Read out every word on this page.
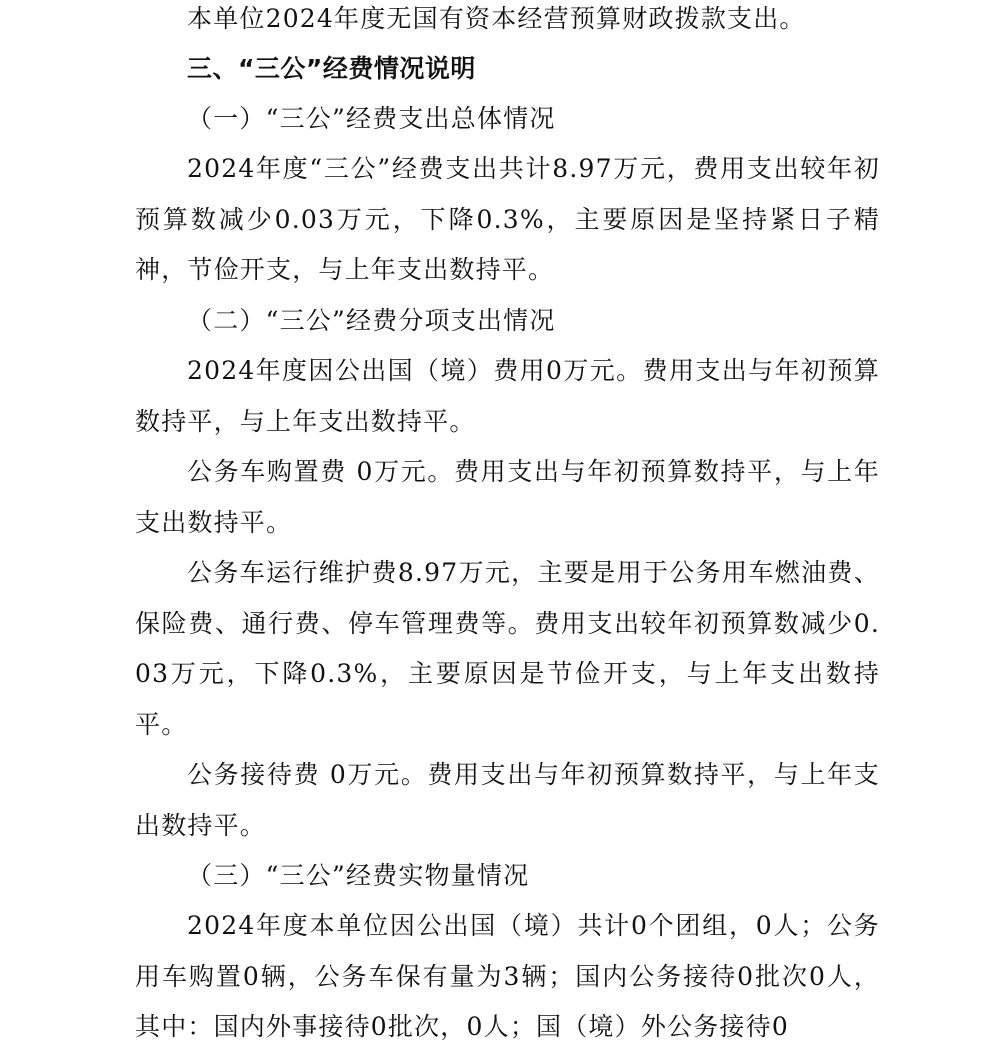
本单位2024年度无国有资本经营预算财政拨款支出。

三、“三公”经费情况说明

（一）“三公”经费支出总体情况

2024年度“三公”经费支出共计8.97万元，费用支出较年初预算数减少0.03万元，下降0.3%，主要原因是坚持紧日子精神，节俭开支，与上年支出数持平。

（二）“三公”经费分项支出情况

2024年度因公出国（境）费用0万元。费用支出与年初预算数持平，与上年支出数持平。

公务车购置费 0万元。费用支出与年初预算数持平，与上年支出数持平。

公务车运行维护费8.97万元，主要是用于公务用车燃油费、保险费、通行费、停车管理费等。费用支出较年初预算数减少0.03万元，下降0.3%，主要原因是节俭开支，与上年支出数持平。

公务接待费 0万元。费用支出与年初预算数持平，与上年支出数持平。

（三）“三公”经费实物量情况

2024年度本单位因公出国（境）共计0个团组，0人；公务用车购置0辆，公务车保有量为3辆；国内公务接待0批次0人，其中：国内外事接待0批次，0人；国（境）外公务接待0
